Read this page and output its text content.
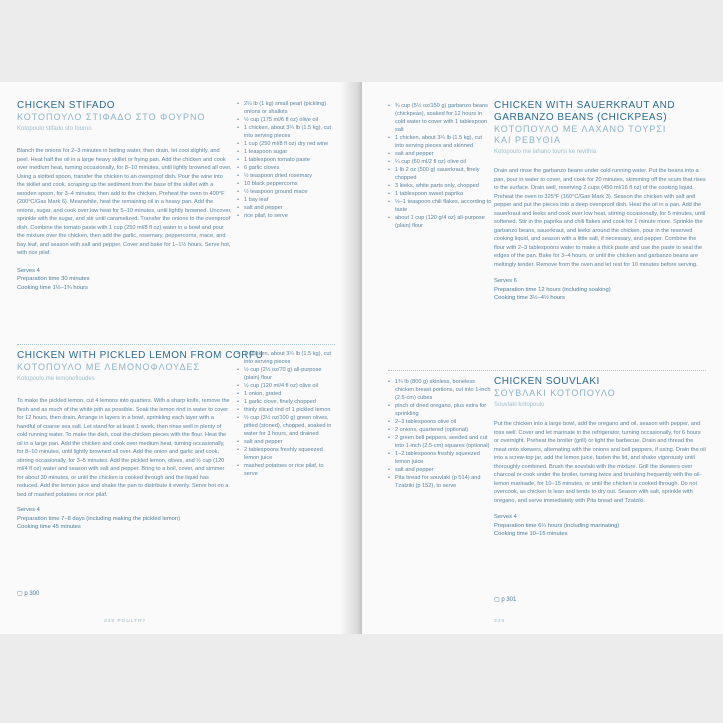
CHICKEN STIFADO
ΚΟΤΟΠΟΥΛΟ ΣΤΙΦΑΔΟ ΣΤΟ ΦΟΥΡΝΟ
Kotopoulo stifado sto fourno
Blanch the onions for 2–3 minutes in boiling water, then drain, let cool slightly, and peel. Heat half the oil in a large heavy skillet or frying pan. Add the chicken and cook over medium heat, turning occasionally, for 8–10 minutes, until lightly browned all over. Using a slotted spoon, transfer the chicken to an ovenproof dish. Pour the wine into the skillet and cook, scraping up the sediment from the base of the skillet with a wooden spoon, for 3–4 minutes, then add to the chicken. Preheat the oven to 400°F (200°C/Gas Mark 6). Meanwhile, heat the remaining oil in a heavy pan. Add the onions, sugar, and cook over low heat for 5–10 minutes, until lightly browned. Uncover, sprinkle with the sugar, and stir until caramelized. Transfer the onions to the ovenproof dish. Combine the tomato paste with 1 cup (250 ml/8 fl oz) water in a bowl and pour the mixture over the chicken, then add the garlic, rosemary, peppercorns, mace, and bay leaf, and season with salt and pepper. Cover and bake for 1–1½ hours. Serve hot, with rice pilaf.
Serves 4
Preparation time 30 minutes
Cooking time 1½–1¾ hours
• 2¼ lb (1 kg) small pearl (pickling) onions or shallots
• ½ cup (175 ml/6 fl oz) olive oil
• 1 chicken, about 3¼ lb (1.5 kg), cut into serving pieces
• 1 cup (250 ml/8 fl oz) dry red wine
• 1 teaspoon sugar
• 1 tablespoon tomato paste
• 6 garlic cloves
• ½ teaspoon dried rosemary
• 10 black peppercorns
• ½ teaspoon ground mace
• 1 bay leaf
• salt and pepper
• rice pilaf, to serve
CHICKEN WITH PICKLED LEMON FROM CORFU
ΚΟΤΟΠΟΥΛΟ ΜΕ ΛΕΜΟΝΟΦΛΟΥΔΕΣ
Kotopoulo me lemonofloudes
To make the pickled lemon, cut 4 lemons into quarters. With a sharp knife, remove the flesh and as much of the white pith as possible. Soak the lemon rind in water to cover for 12 hours, then drain. Arrange in layers in a bowl, sprinkling each layer with a handful of coarse sea salt. Let stand for at least 1 week, then rinse well in plenty of cold running water. To make the dish, coat the chicken pieces with the flour. Heat the oil in a large pan. Add the chicken and cook over medium heat, turning occasionally, for 8–10 minutes, until lightly browned all over. Add the onion and garlic and cook, stirring occasionally, for 3–5 minutes. Add the pickled lemon, olives, and ½ cup (120 ml/4 fl oz) water and season with salt and pepper. Bring to a boil, cover, and simmer for about 30 minutes, or until the chicken is cooked through and the liquid has reduced. Add the lemon juice and shake the pan to distribute it evenly. Serve hot on a bed of mashed potatoes or rice pilaf.
Serves 4
Preparation time 7–8 days (including making the pickled lemon)
Cooking time 45 minutes
• 1 chicken, about 3¼ lb (1.5 kg), cut into serving pieces
• ½ cup (2½ oz/70 g) all-purpose (plain) flour
• ½ cup (120 ml/4 fl oz) olive oil
• 1 onion, grated
• 1 garlic clove, finely chopped
• thinly sliced rind of 1 pickled lemon
• ½ cup (3½ oz/100 g) green olives, pitted (stoned), chopped, soaked in water for 3 hours, and drained
• salt and pepper
• 2 tablespoons freshly squeezed lemon juice
• mashed potatoes or rice pilaf, to serve
▢ p 300
338 POULTRY
• ¾ cup (5½ oz/150 g) garbanzo beans (chickpeas), soaked for 12 hours in cold water to cover with 1 tablespoon salt
• 1 chicken, about 3¼ lb (1.5 kg), cut into serving pieces and skinned
• salt and pepper
• ¼ cup (60 ml/2 fl oz) olive oil
• 1 lb 2 oz (500 g) sauerkraut, finely chopped
• 3 leeks, white parts only, chopped
• 1 tablespoon sweet paprika
• ½–1 teaspoon chili flakes, according to taste
• about 1 cup (120 g/4 oz) all-purpose (plain) flour
CHICKEN WITH SAUERKRAUT AND
GARBANZO BEANS (CHICKPEAS)
ΚΟΤΟΠΟΥΛΟ ΜΕ ΛΑΧΑΝΟ ΤΟΥΡΣΙ
ΚΑΙ ΡΕΒΥΘΙΑ
Kotopoulo me lahano toursi ke revithia
Drain and rinse the garbanzo beans under cold running water. Put the beans into a pan, pour in water to cover, and cook for 20 minutes, skimming off the scum that rises to the surface. Drain well, reserving 2 cups (450 ml/16 fl oz) of the cooking liquid. Preheat the oven to 325°F (160°C/Gas Mark 3). Season the chicken with salt and pepper and put the pieces into a deep ovenproof dish. Heat the oil in a pan. Add the sauerkraut and leeks and cook over low heat, stirring occasionally, for 5 minutes, until softened. Stir in the paprika and chili flakes and cook for 1 minute more. Sprinkle the garbanzo beans, sauerkraut, and leeks around the chicken, pour in the reserved cooking liquid, and season with a little salt, if necessary, and pepper. Combine the flour with 2–3 tablespoons water to make a thick paste and use the paste to seal the edges of the pan. Bake for 3–4 hours, or until the chicken and garbanzo beans are meltingly tender. Remove from the oven and let rest for 10 minutes before serving.
Serves 6
Preparation time 12 hours (including soaking)
Cooking time 3½–4½ hours
• 1¾ lb (800 g) skinless, boneless chicken breast portions, cut into 1-inch (2.5-cm) cubes
• pinch of dried oregano, plus extra for sprinkling
• 2–3 tablespoons olive oil
• 2 onions, quartered (optional)
• 2 green bell peppers, seeded and cut into 1-inch (2.5-cm) squares (optional)
• 1–2 tablespoons freshly squeezed lemon juice
• salt and pepper
• Pita bread for souvlaki (p 514) and Tzatziki (p 152), to serve
CHICKEN SOUVLAKI
ΣΟΥΒΛΑΚΙ ΚΟΤΟΠΟΥΛΟ
Souvlaki kotopoulo
Put the chicken into a large bowl, add the oregano and oil, season with pepper, and toss well. Cover and let marinate in the refrigerator, turning occasionally, for 6 hours or overnight. Preheat the broiler (grill) or light the barbecue. Drain and thread the meat onto skewers, alternating with the onions and bell peppers, if using. Drain the oil into a screw-top jar, add the lemon juice, fasten the lid, and shake vigorously until thoroughly combined. Brush the souvlaki with the mixture. Grill the skewers over charcoal or cook under the broiler, turning twice and brushing frequently with the oil-lemon marinade, for 10–15 minutes, or until the chicken is cooked through. Do not overcook, as chicken is lean and tends to dry out. Season with salt, sprinkle with oregano, and serve immediately with Pita bread and Tzatziki.
Serves 4
Preparation time 6¼ hours (including marinating)
Cooking time 10–15 minutes
▢ p 301
339
